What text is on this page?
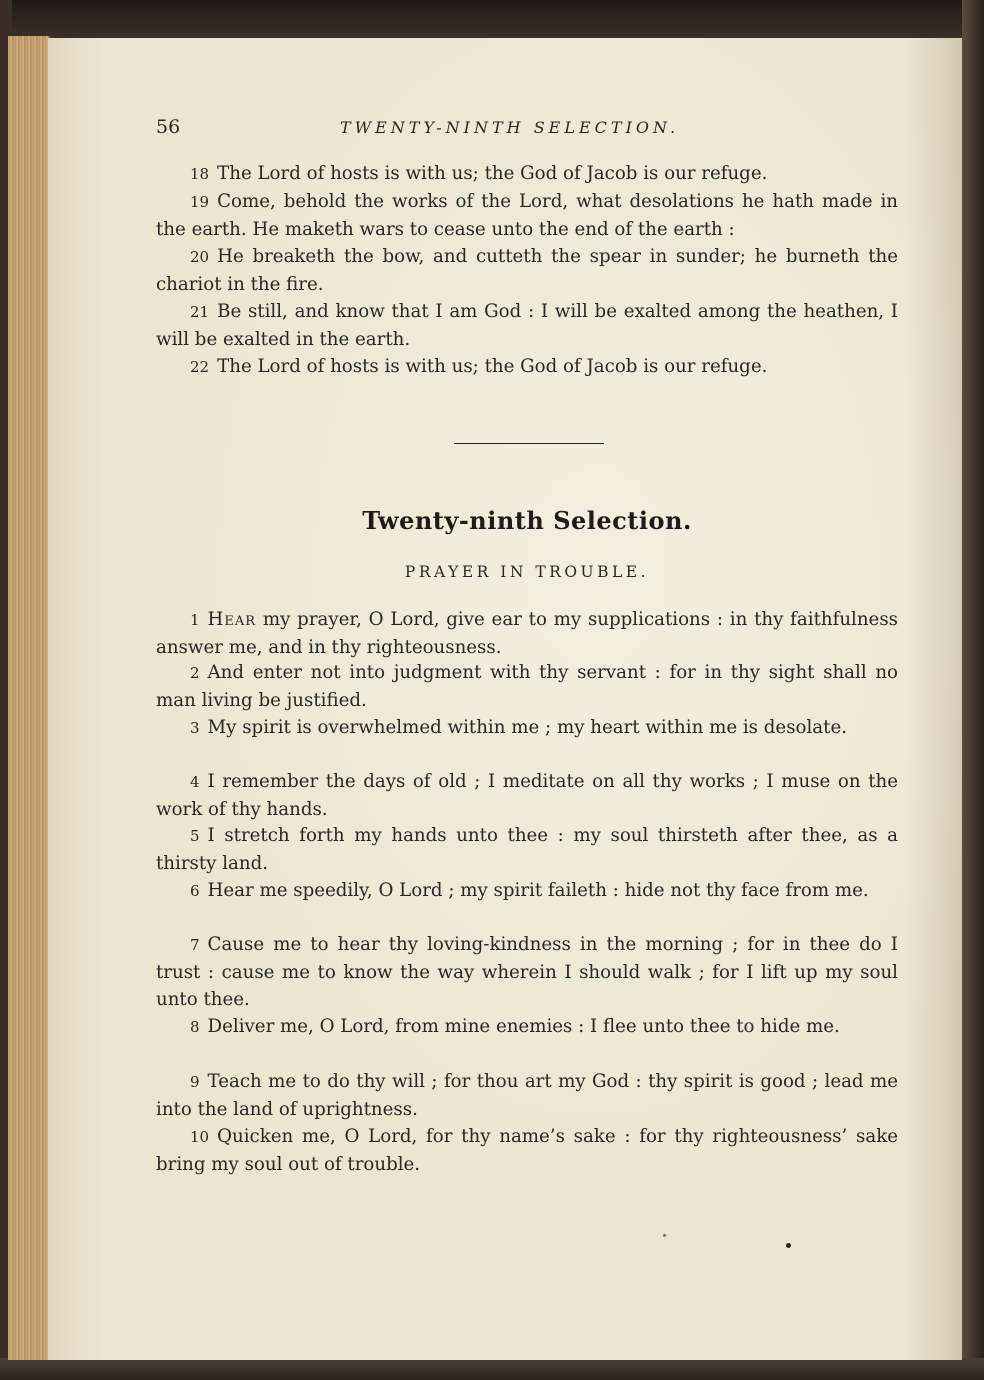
56	TWENTY-NINTH SELECTION.

18 The Lord of hosts is with us; the God of Jacob is our refuge.

19 Come, behold the works of the Lord, what desolations he hath made in the earth. He maketh wars to cease unto the end of the earth :

20 He breaketh the bow, and cutteth the spear in sunder; he burneth the chariot in the fire.

21 Be still, and know that I am God : I will be exalted among the heathen, I will be exalted in the earth.

22 The Lord of hosts is with us; the God of Jacob is our refuge.

Twenty-ninth Selection.
PRAYER IN TROUBLE.

1 Hear my prayer, O Lord, give ear to my supplications : in thy faithfulness answer me, and in thy righteousness.

2 And enter not into judgment with thy servant : for in thy sight shall no man living be justified.

3 My spirit is overwhelmed within me ; my heart within me is desolate.

4 I remember the days of old ; I meditate on all thy works ; I muse on the work of thy hands.

5 I stretch forth my hands unto thee : my soul thirsteth after thee, as a thirsty land.

6 Hear me speedily, O Lord ; my spirit faileth : hide not thy face from me.

7 Cause me to hear thy loving-kindness in the morning ; for in thee do I trust : cause me to know the way wherein I should walk ; for I lift up my soul unto thee.

8 Deliver me, O Lord, from mine enemies : I flee unto thee to hide me.

9 Teach me to do thy will ; for thou art my God : thy spirit is good ; lead me into the land of uprightness.

10 Quicken me, O Lord, for thy name’s sake : for thy righteousness’ sake bring my soul out of trouble.
